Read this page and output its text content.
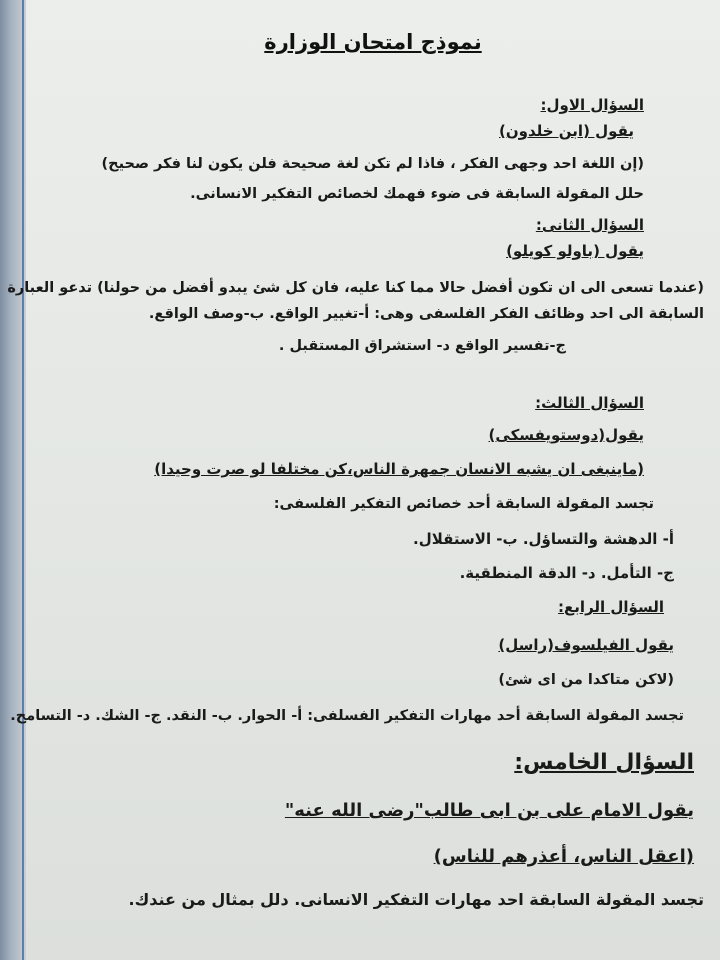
نموذج امتحان الوزارة

السؤال الاول:

يقول (ابن خلدون)

(إن اللغة احد وجهى الفكر ، فاذا لم تكن لغة صحيحة فلن يكون لنا فكر صحيح)

حلل المقولة السابقة فى ضوء فهمك لخصائص التفكير الانسانى.

السؤال الثانى:

يقول (باولو كويلو)

(عندما تسعى الى ان تكون أفضل حالا مما كنا عليه، فان كل شئ يبدو أفضل من حولنا) تدعو العبارة

السابقة الى احد وظائف الفكر الفلسفى وهى: أ-تغيير الواقع. ب-وصف الواقع.

ج-تفسير الواقع د- استشراق المستقبل .

السؤال الثالث:

يقول(دوستويفسكى)

(ماينبغى ان يشبه الانسان جمهرة الناس،كن مختلفا لو صرت وحيدا)

تجسد المقولة السابقة أحد خصائص التفكير الفلسفى:

أ- الدهشة والتساؤل. ب- الاستقلال.

ج- التأمل. د- الدقة المنطقية.

السؤال الرابع:

يقول الفيلسوف(راسل)

(لاكن متاكدا من اى شئ)

تجسد المقولة السابقة أحد مهارات التفكير الفسلفى: أ- الحوار. ب- النقد. ج- الشك. د- التسامح.

السؤال الخامس:

يقول الامام على بن ابى طالب"رضى الله عنه"

(اعقل الناس، أعذرهم للناس)

تجسد المقولة السابقة احد مهارات التفكير الانسانى. دلل بمثال من عندك.
